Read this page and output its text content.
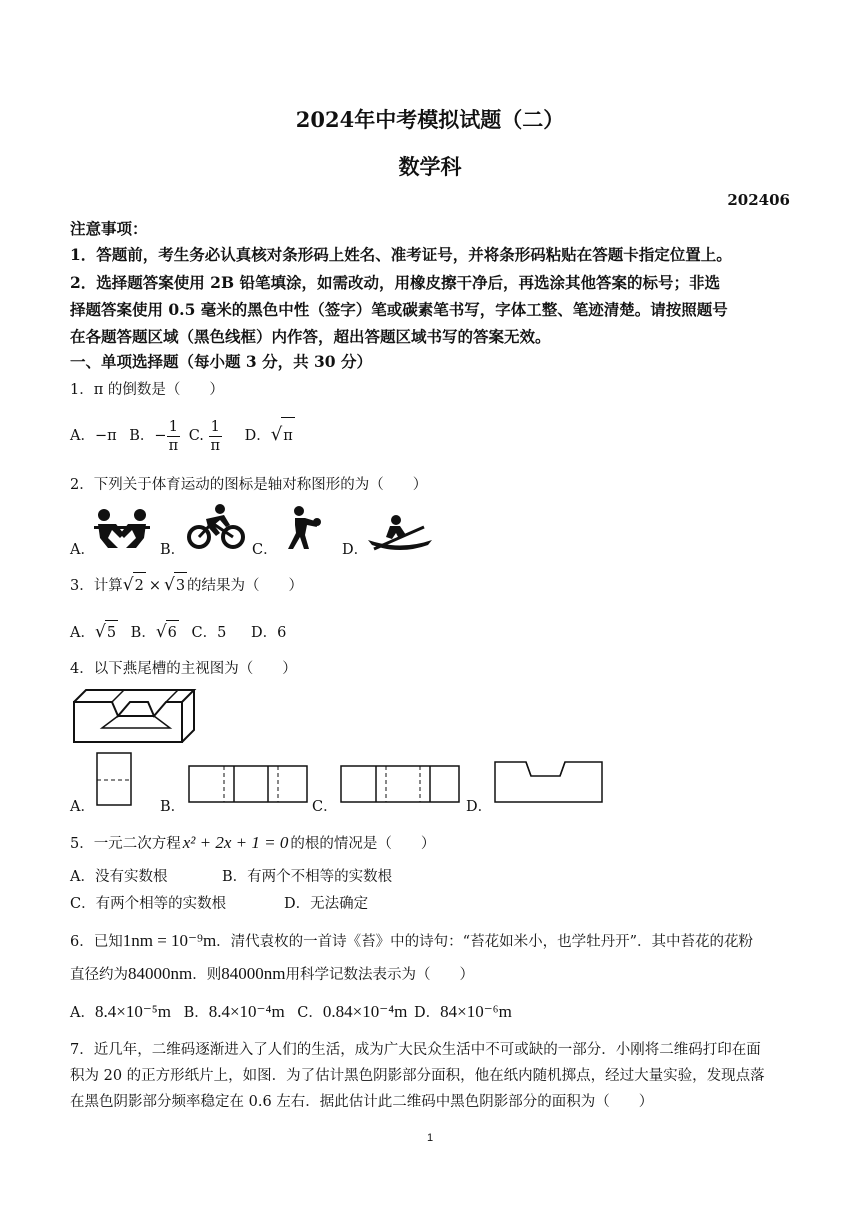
2024年中考模拟试题（二）
数学科
202406
注意事项：
1．答题前，考生务必认真核对条形码上姓名、准考证号，并将条形码粘贴在答题卡指定位置上。
2．选择题答案使用 2B 铅笔填涂，如需改动，用橡皮擦干净后，再选涂其他答案的标号；非选
择题答案使用 0.5 毫米的黑色中性（签字）笔或碳素笔书写，字体工整、笔迹清楚。请按照题号
在各题答题区域（黑色线框）内作答，超出答题区域书写的答案无效。
一、单项选择题（每小题 3 分，共 30 分）
1．π 的倒数是（　　）
A．−π B．− $\frac{1}{\pi} C$. $\frac{1}{\pi}$ D．√π
2．下列关于体育运动的图标是轴对称图形的为（　　）
A．	B．	C．	D．
3．计算√2 × √3 的结果为（　　）
A．√5 B．√6 C．5 D．6
4．以下燕尾槽的主视图为（　　）
A．	B．	C．	D．
5．一元二次方程 x² + 2x + 1 = 0 的根的情况是（　　）
A．没有实数根	B．有两个不相等的实数根
C．有两个相等的实数根	D．无法确定
6．已知1nm = 10⁻⁹m．清代袁枚的一首诗《苔》中的诗句：“苔花如米小，也学牡丹开”．其中苔花的花粉
直径约为84000nm．则84000nm用科学记数法表示为（　　）
A．8.4×10⁻⁵m B．8.4×10⁻⁴m C．0.84×10⁻⁴m D．84×10⁻⁶m
7．近几年，二维码逐渐进入了人们的生活，成为广大民众生活中不可或缺的一部分．小刚将二维码打印在面
积为 20 的正方形纸片上，如图．为了估计黑色阴影部分面积，他在纸内随机掷点，经过大量实验，发现点落
在黑色阴影部分频率稳定在 0.6 左右．据此估计此二维码中黑色阴影部分的面积为（　　）
1
